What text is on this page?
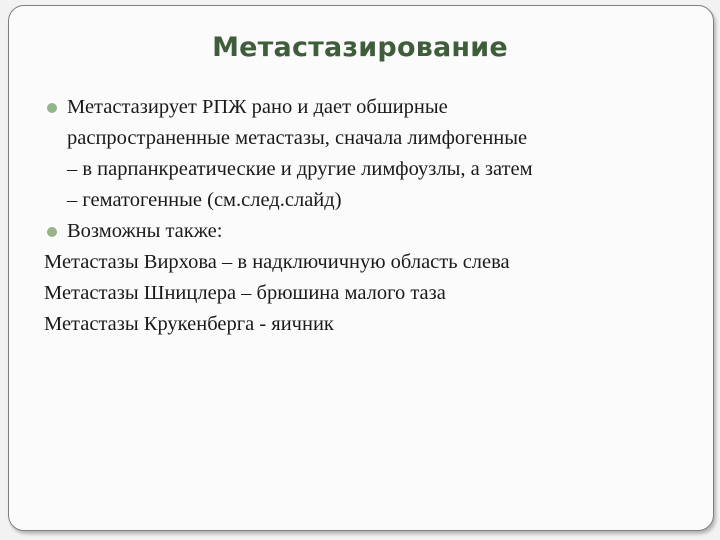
Метастазирование
Метастазирует РПЖ рано и дает обширные
распространенные метастазы, сначала лимфогенные
– в парпанкреатические и другие лимфоузлы, а затем
– гематогенные (см.след.слайд)
Возможны также:
Метастазы Вирхова – в надключичную область слева
Метастазы Шницлера – брюшина малого таза
Метастазы Крукенберга - яичник
